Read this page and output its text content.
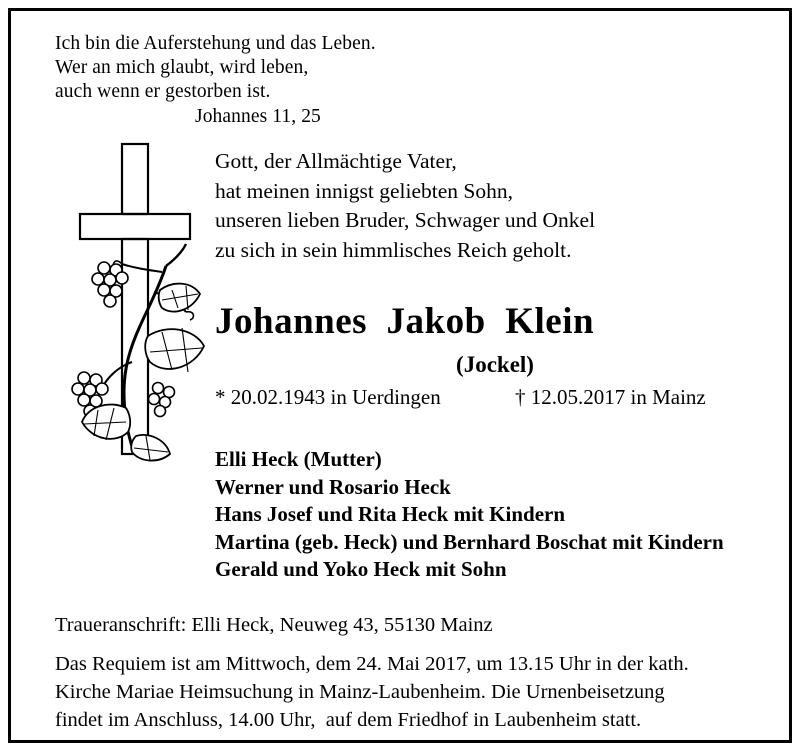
Ich bin die Auferstehung und das Leben.
Wer an mich glaubt, wird leben,
auch wenn er gestorben ist.
Johannes 11, 25
Gott, der Allmächtige Vater,
hat meinen innigst geliebten Sohn,
unseren lieben Bruder, Schwager und Onkel
zu sich in sein himmlisches Reich geholt.
Johannes  Jakob  Klein
(Jockel)
* 20.02.1943 in Uerdingen	† 12.05.2017 in Mainz
Elli Heck (Mutter)
Werner und Rosario Heck
Hans Josef und Rita Heck mit Kindern
Martina (geb. Heck) und Bernhard Boschat mit Kindern
Gerald und Yoko Heck mit Sohn
Traueranschrift: Elli Heck, Neuweg 43, 55130 Mainz
Das Requiem ist am Mittwoch, dem 24. Mai 2017, um 13.15 Uhr in der kath.
Kirche Mariae Heimsuchung in Mainz-Laubenheim. Die Urnenbeisetzung
findet im Anschluss, 14.00 Uhr,  auf dem Friedhof in Laubenheim statt.
